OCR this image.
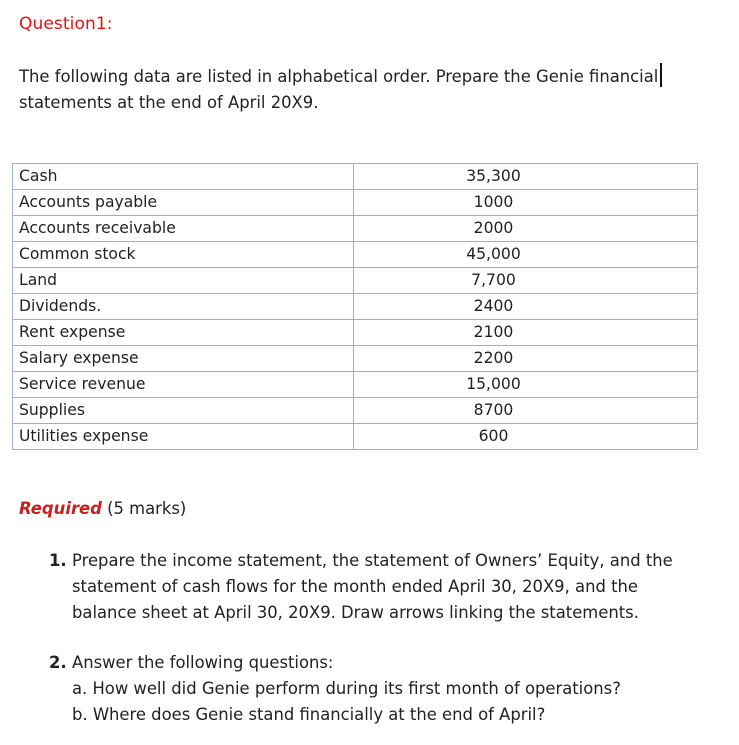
Question1:
The following data are listed in alphabetical order. Prepare the Genie financial
statements at the end of April 20X9.
Cash	35,300
Accounts payable	1000
Accounts receivable	2000
Common stock	45,000
Land	7,700
Dividends.	2400
Rent expense	2100
Salary expense	2200
Service revenue	15,000
Supplies	8700
Utilities expense	600
Required (5 marks)
1. Prepare the income statement, the statement of Owners’ Equity, and the
statement of cash flows for the month ended April 30, 20X9, and the
balance sheet at April 30, 20X9. Draw arrows linking the statements.
2. Answer the following questions:
a. How well did Genie perform during its first month of operations?
b. Where does Genie stand financially at the end of April?
